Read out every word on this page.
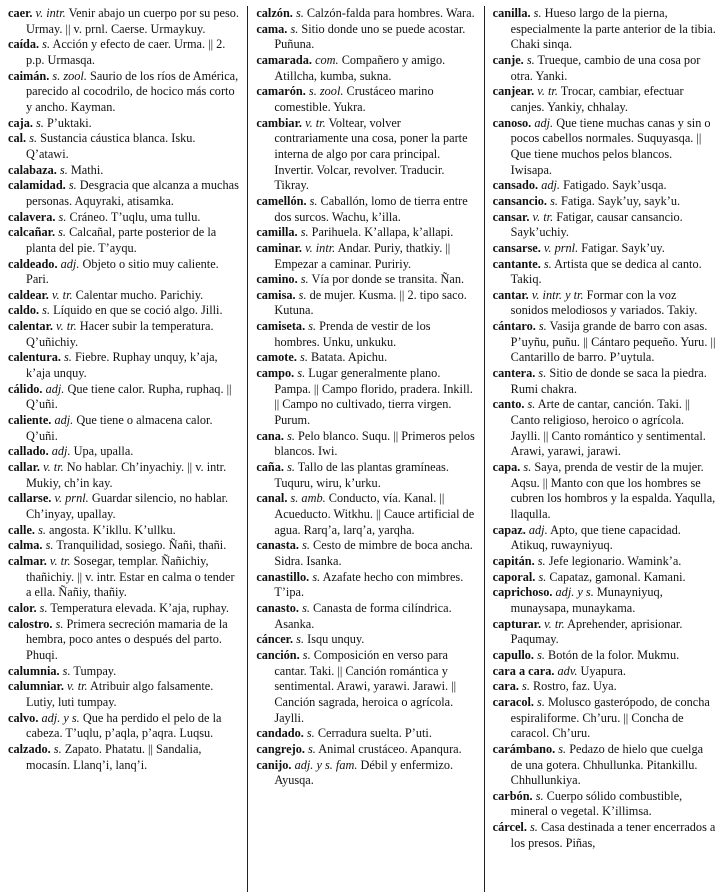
caer. v. intr. Venir abajo un cuerpo por su peso. Urmay. || v. prnl. Caerse. Urmaykuy.

caída. s. Acción y efecto de caer. Urma. || 2. p.p. Urmasqa.

caimán. s. zool. Saurio de los ríos de América, parecido al cocodrilo, de hocico más corto y ancho. Kayman.

caja. s. P’uktaki.

cal. s. Sustancia cáustica blanca. Isku. Q’atawi.

calabaza. s. Mathi.

calamidad. s. Desgracia que alcanza a muchas personas. Aquyraki, atisamka.

calavera. s. Cráneo. T’uqlu, uma tullu.

calcañar. s. Calcañal, parte posterior de la planta del pie. T’ayqu.

caldeado. adj. Objeto o sitio muy caliente. Pari.

caldear. v. tr. Calentar mucho. Parichiy.

caldo. s. Líquido en que se coció algo. Jilli.

calentar. v. tr. Hacer subir la temperatura. Q’uñichiy.

calentura. s. Fiebre. Ruphay unquy, k’aja, k’aja unquy.

cálido. adj. Que tiene calor. Rupha, ruphaq. || Q’uñi.

caliente. adj. Que tiene o almacena calor. Q’uñi.

callado. adj. Upa, upalla.

callar. v. tr. No hablar. Ch’inyachiy. || v. intr. Mukiy, ch’in kay.

callarse. v. prnl. Guardar silencio, no hablar. Ch’inyay, upallay.

calle. s. angosta. K’ikllu. K’ullku.

calma. s. Tranquilidad, sosiego. Ñañi, thañi.

calmar. v. tr. Sosegar, templar. Ñañichiy, thañichiy. || v. intr. Estar en calma o tender a ella. Ñañiy, thañiy.

calor. s. Temperatura elevada. K’aja, ruphay.

calostro. s. Primera secreción mamaria de la hembra, poco antes o después del parto. Phuqi.

calumnia. s. Tumpay.

calumniar. v. tr. Atribuir algo falsamente. Lutiy, luti tumpay.

calvo. adj. y s. Que ha perdido el pelo de la cabeza. T’uqlu, p’aqla, p’aqra. Luqsu.

calzado. s. Zapato. Phatatu. || Sandalia, mocasín. Llanq’i, lanq’i.

calzón. s. Calzón-falda para hombres. Wara.

cama. s. Sitio donde uno se puede acostar. Puñuna.

camarada. com. Compañero y amigo. Atillcha, kumba, sukna.

camarón. s. zool. Crustáceo marino comestible. Yukra.

cambiar. v. tr. Voltear, volver contrariamente una cosa, poner la parte interna de algo por cara principal. Invertir. Volcar, revolver. Traducir. Tikray.

camellón. s. Caballón, lomo de tierra entre dos surcos. Wachu, k’illa.

camilla. s. Parihuela. K’allapa, k’allapi.

caminar. v. intr. Andar. Puriy, thatkiy. || Empezar a caminar. Puririy.

camino. s. Vía por donde se transita. Ñan.

camisa. s. de mujer. Kusma. || 2. tipo saco. Kutuna.

camiseta. s. Prenda de vestir de los hombres. Unku, unkuku.

camote. s. Batata. Apichu.

campo. s. Lugar generalmente plano. Pampa. || Campo florido, pradera. Inkill. || Campo no cultivado, tierra virgen. Purum.

cana. s. Pelo blanco. Suqu. || Primeros pelos blancos. Iwi.

caña. s. Tallo de las plantas gramíneas. Tuquru, wiru, k’urku.

canal. s. amb. Conducto, vía. Kanal. || Acueducto. Witkhu. || Cauce artificial de agua. Rarq’a, larq’a, yarqha.

canasta. s. Cesto de mimbre de boca ancha. Sidra. Isanka.

canastillo. s. Azafate hecho con mimbres. T’ipa.

canasto. s. Canasta de forma cilíndrica. Asanka.

cáncer. s. Isqu unquy.

canción. s. Composición en verso para cantar. Taki. || Canción romántica y sentimental. Arawi, yarawi. Jarawi. || Canción sagrada, heroica o agrícola. Jaylli.

candado. s. Cerradura suelta. P’uti.

cangrejo. s. Animal crustáceo. Apanqura.

canijo. adj. y s. fam. Débil y enfermizo. Ayusqa.

canilla. s. Hueso largo de la pierna, especialmente la parte anterior de la tibia. Chaki sinqa.

canje. s. Trueque, cambio de una cosa por otra. Yanki.

canjear. v. tr. Trocar, cambiar, efectuar canjes. Yankiy, chhalay.

canoso. adj. Que tiene muchas canas y sin o pocos cabellos normales. Suquyasqa. || Que tiene muchos pelos blancos. Iwisapa.

cansado. adj. Fatigado. Sayk’usqa.

cansancio. s. Fatiga. Sayk’uy, sayk’u.

cansar. v. tr. Fatigar, causar cansancio. Sayk’uchiy.

cansarse. v. prnl. Fatigar. Sayk’uy.

cantante. s. Artista que se dedica al canto. Takiq.

cantar. v. intr. y tr. Formar con la voz sonidos melodiosos y variados. Takiy.

cántaro. s. Vasija grande de barro con asas. P’uyñu, puñu. || Cántaro pequeño. Yuru. || Cantarillo de barro. P’uytula.

cantera. s. Sitio de donde se saca la piedra. Rumi chakra.

canto. s. Arte de cantar, canción. Taki. || Canto religioso, heroico o agrícola. Jaylli. || Canto romántico y sentimental. Arawi, yarawi, jarawi.

capa. s. Saya, prenda de vestir de la mujer. Aqsu. || Manto con que los hombres se cubren los hombros y la espalda. Yaqulla, llaqulla.

capaz. adj. Apto, que tiene capacidad. Atikuq, ruwayniyuq.

capitán. s. Jefe legionario. Wamink’a.

caporal. s. Capataz, gamonal. Kamani.

caprichoso. adj. y s. Munayniyuq, munaysapa, munaykama.

capturar. v. tr. Aprehender, aprisionar. Paqumay.

capullo. s. Botón de la folor. Mukmu.

cara a cara. adv. Uyapura.

cara. s. Rostro, faz. Uya.

caracol. s. Molusco gasterópodo, de concha espiraliforme. Ch’uru. || Concha de caracol. Ch’uru.

carámbano. s. Pedazo de hielo que cuelga de una gotera. Chhullunka. Pitankillu. Chhullunkiya.

carbón. s. Cuerpo sólido combustible, mineral o vegetal. K’illimsa.

cárcel. s. Casa destinada a tener encerrados a los presos. Piñas,
